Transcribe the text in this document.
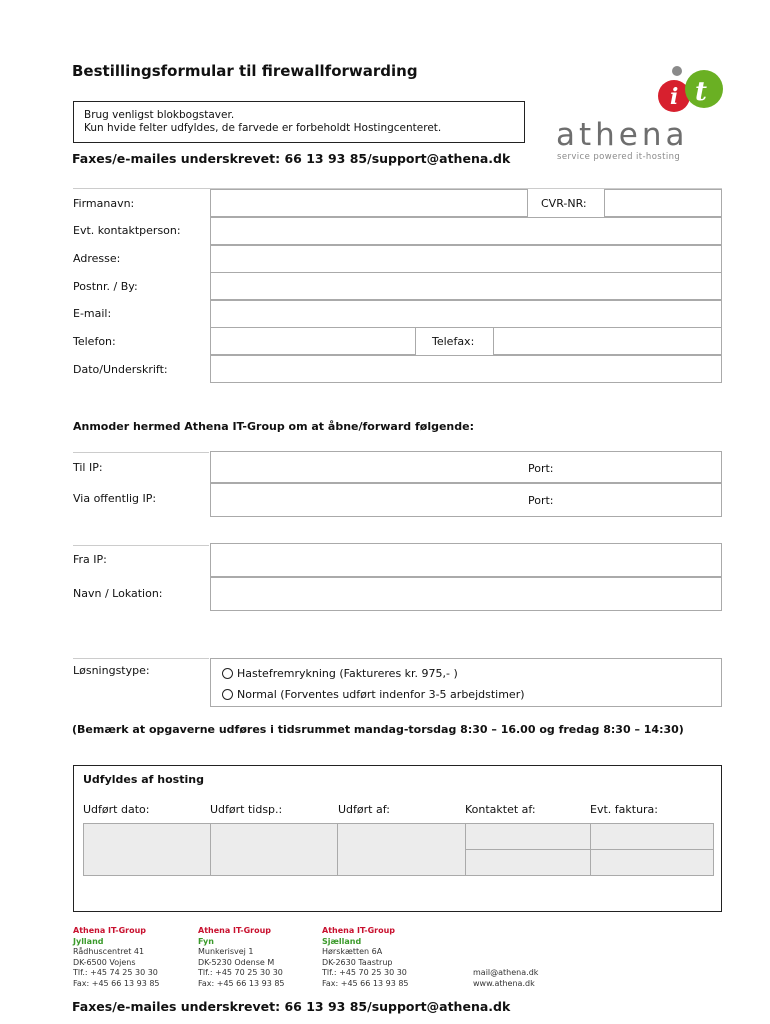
Bestillingsformular til firewallforwarding
Brug venligst blokbogstaver.
Kun hvide felter udfyldes, de farvede er forbeholdt Hostingcenteret.
Faxes/e-mailes underskrevet: 66 13 93 85/support@athena.dk
i t
athena
service powered it-hosting
Firmanavn:	CVR-NR:
Evt. kontaktperson:
Adresse:
Postnr. / By:
E-mail:
Telefon:	Telefax:
Dato/Underskrift:
Anmoder hermed Athena IT-Group om at åbne/forward følgende:
Til IP:	Port:
Via offentlig IP:	Port:
Fra IP:
Navn / Lokation:
Løsningstype:	Hastefremrykning (Faktureres kr. 975,- )
Normal (Forventes udført indenfor 3-5 arbejdstimer)
(Bemærk at opgaverne udføres i tidsrummet mandag-torsdag 8:30 – 16.00 og fredag 8:30 – 14:30)
Udfyldes af hosting
Udført dato:	Udført tidsp.:	Udført af:	Kontaktet af:	Evt. faktura:
Athena IT-Group
Jylland
Rådhuscentret 41
DK-6500 Vojens
Tlf.: +45 74 25 30 30
Fax: +45 66 13 93 85
Athena IT-Group
Fyn
Munkerisvej 1
DK-5230 Odense M
Tlf.: +45 70 25 30 30
Fax: +45 66 13 93 85
Athena IT-Group
Sjælland
Hørskætten 6A
DK-2630 Taastrup
Tlf.: +45 70 25 30 30
Fax: +45 66 13 93 85
mail@athena.dk
www.athena.dk
Faxes/e-mailes underskrevet: 66 13 93 85/support@athena.dk
